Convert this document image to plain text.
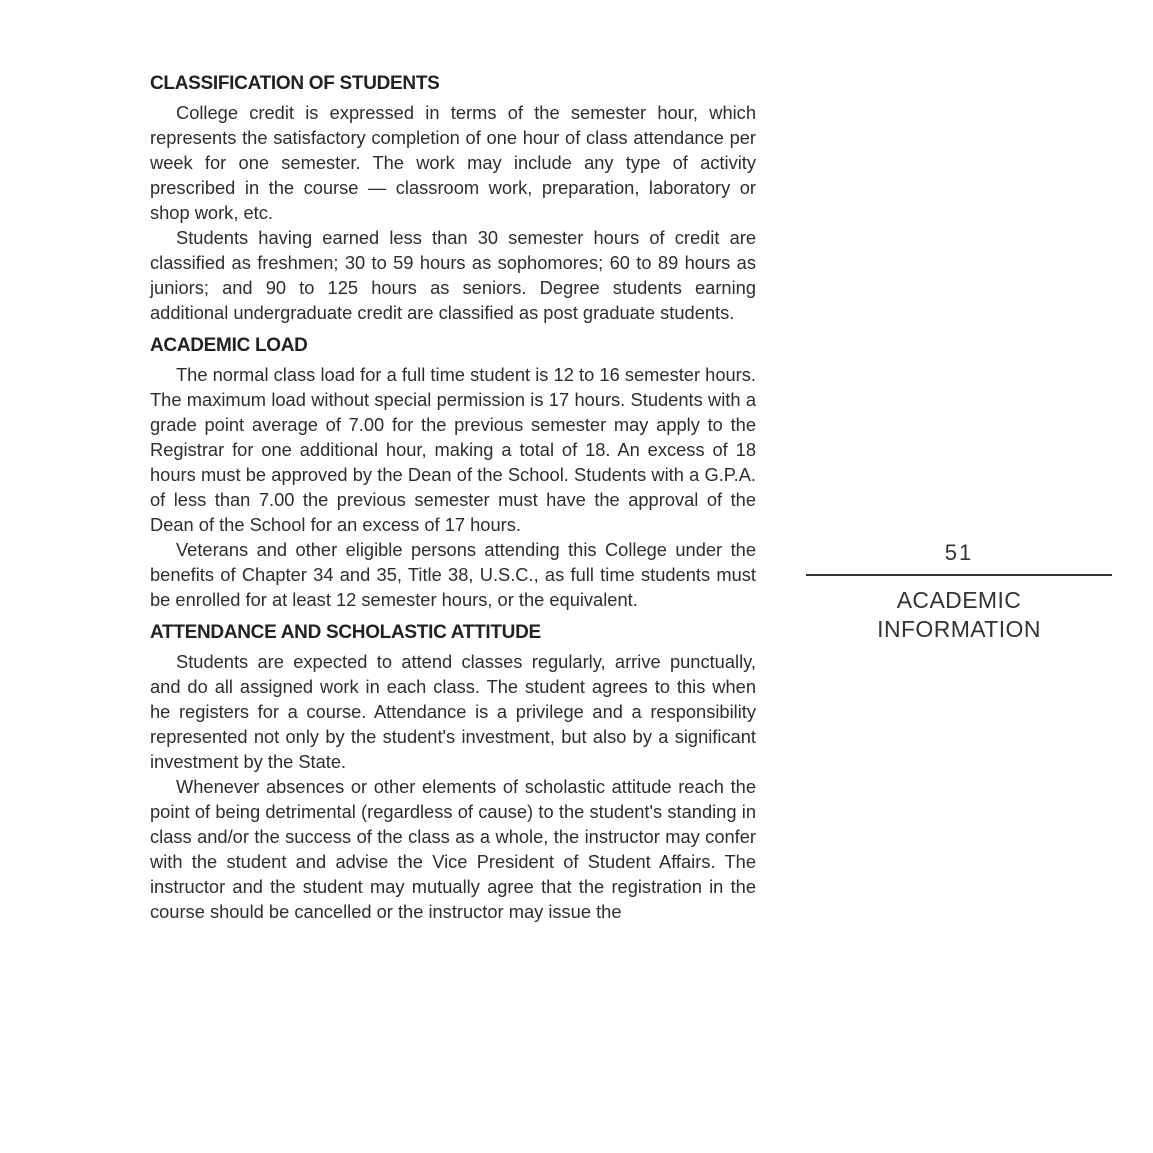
CLASSIFICATION OF STUDENTS

College credit is expressed in terms of the semester hour, which represents the satisfactory completion of one hour of class attendance per week for one semester. The work may include any type of activity prescribed in the course — classroom work, preparation, laboratory or shop work, etc.

Students having earned less than 30 semester hours of credit are classified as freshmen; 30 to 59 hours as sophomores; 60 to 89 hours as juniors; and 90 to 125 hours as seniors. Degree students earning additional undergraduate credit are classified as post graduate students.

ACADEMIC LOAD

The normal class load for a full time student is 12 to 16 semester hours. The maximum load without special permission is 17 hours. Students with a grade point average of 7.00 for the previous semester may apply to the Registrar for one additional hour, making a total of 18. An excess of 18 hours must be approved by the Dean of the School. Students with a G.P.A. of less than 7.00 the previous semester must have the approval of the Dean of the School for an excess of 17 hours.

Veterans and other eligible persons attending this College under the benefits of Chapter 34 and 35, Title 38, U.S.C., as full time students must be enrolled for at least 12 semester hours, or the equivalent.

ATTENDANCE AND SCHOLASTIC ATTITUDE

Students are expected to attend classes regularly, arrive punctually, and do all assigned work in each class. The student agrees to this when he registers for a course. Attendance is a privilege and a responsibility represented not only by the student's investment, but also by a significant investment by the State.

Whenever absences or other elements of scholastic attitude reach the point of being detrimental (regardless of cause) to the student's standing in class and/or the success of the class as a whole, the instructor may confer with the student and advise the Vice President of Student Affairs. The instructor and the student may mutually agree that the registration in the course should be cancelled or the instructor may issue the

51
ACADEMIC
INFORMATION
